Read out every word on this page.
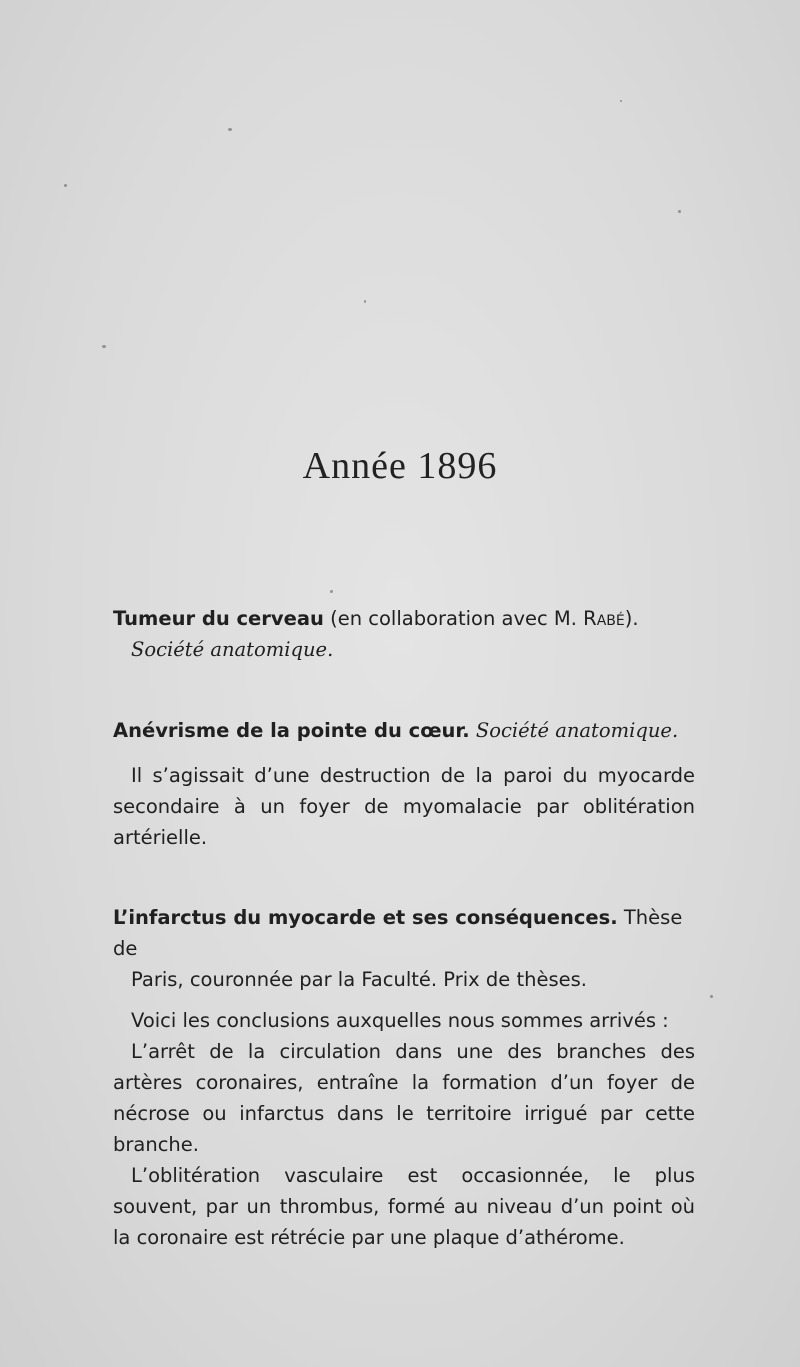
Année 1896
Tumeur du cerveau (en collaboration avec M. Rabé).
Société anatomique.
Anévrisme de la pointe du cœur. Société anatomique.
Il s’agissait d’une destruction de la paroi du myocarde secondaire à un foyer de myomalacie par oblitération artérielle.
L’infarctus du myocarde et ses conséquences. Thèse de
Paris, couronnée par la Faculté. Prix de thèses.
Voici les conclusions auxquelles nous sommes arrivés :
L’arrêt de la circulation dans une des branches des artères coronaires, entraîne la formation d’un foyer de nécrose ou infarctus dans le territoire irrigué par cette branche.
L’oblitération vasculaire est occasionnée, le plus souvent, par un thrombus, formé au niveau d’un point où la coronaire est rétrécie par une plaque d’athérome.
